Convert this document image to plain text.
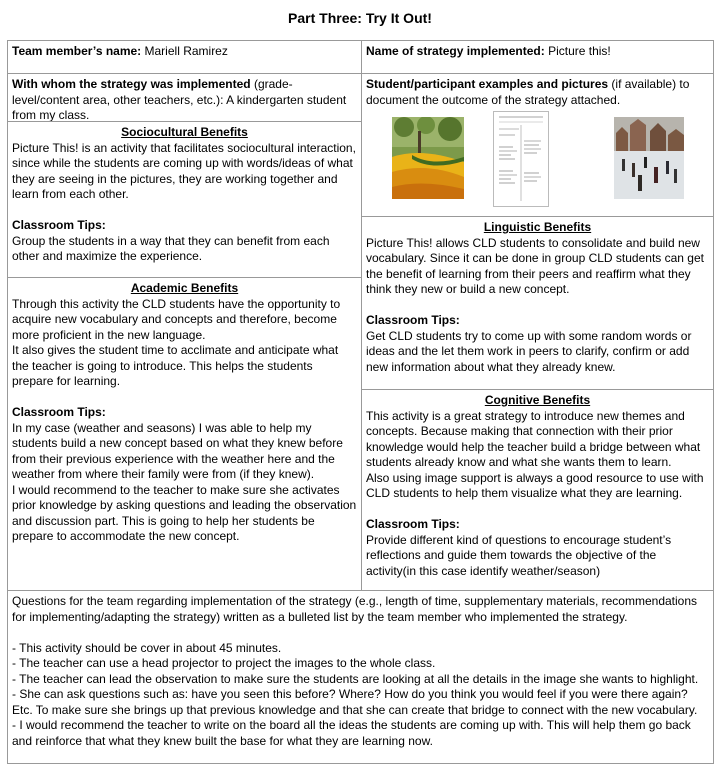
Part Three: Try It Out!
Team member’s name: Mariell Ramirez	Name of strategy implemented: Picture this!
With whom the strategy was implemented (grade-level/content area, other teachers, etc.): A kindergarten student from my class.
Student/participant examples and pictures (if available) to document the outcome of the strategy attached.
Sociocultural Benefits

Picture This! is an activity that facilitates sociocultural interaction, since while the students are coming up with words/ideas of what they are seeing in the pictures, they are working together and learn from each other.

Classroom Tips:

Group the students in a way that they can benefit from each other and maximize the experience.

Linguistic Benefits

Picture This! allows CLD students to consolidate and build new vocabulary. Since it can be done in group CLD students can get the benefit of learning from their peers and reaffirm what they think they new or build a new concept.

Classroom Tips:

Get CLD students try to come up with some random words or ideas and the let them work in peers to clarify, confirm or add new information about what they already knew.

Academic Benefits

Through this activity the CLD students have the opportunity to acquire new vocabulary and concepts and therefore, become more proficient in the new language.

It also gives the student time to acclimate and anticipate what the teacher is going to introduce. This helps the students prepare for learning.

Classroom Tips:

In my case (weather and seasons) I was able to help my students build a new concept based on what they knew before from their previous experience with the weather here and the weather from where their family were from (if they knew).

I would recommend to the teacher to make sure she activates prior knowledge by asking questions and leading the observation and discussion part. This is going to help her students be prepare to accommodate the new concept.

Cognitive Benefits

This activity is a great strategy to introduce new themes and concepts. Because making that connection with their prior knowledge would help the teacher build a bridge between what students already know and what she wants them to learn.

Also using image support is always a good resource to use with CLD students to help them visualize what they are learning.

Classroom Tips:

Provide different kind of questions to encourage student’s reflections and guide them towards the objective of the activity(in this case identify weather/season)

Questions for the team regarding implementation of the strategy (e.g., length of time, supplementary materials, recommendations for implementing/adapting the strategy) written as a bulleted list by the team member who implemented the strategy.

- This activity should be cover in about 45 minutes.
- The teacher can use a head projector to project the images to the whole class.
- The teacher can lead the observation to make sure the students are looking at all the details in the image she wants to highlight.
- She can ask questions such as: have you seen this before? Where? How do you think you would feel if you were there again? Etc. To make sure she brings up that previous knowledge and that she can create that bridge to connect with the new vocabulary.
- I would recommend the teacher to write on the board all the ideas the students are coming up with. This will help them go back and reinforce that what they knew built the base for what they are learning now.
